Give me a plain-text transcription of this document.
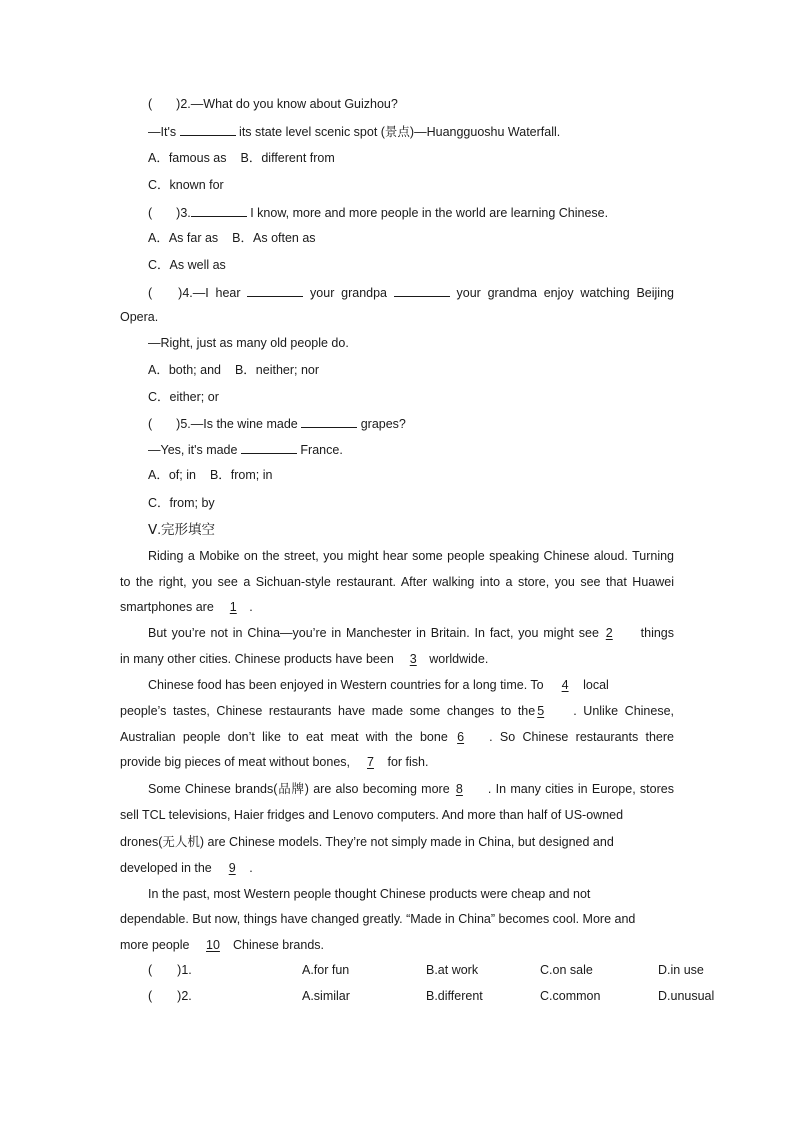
( )2.—What do you know about Guizhou?
—It's	its state level scenic spot (景点)—Huangguoshu Waterfall.
A．famous as B．different from
C．known for
( )3.	I know, more and more people in the world are learning Chinese.
A．As far as B．As often as
C．As well as
( )4.—I hear	your grandpa	your grandma enjoy watching Beijing
Opera.
—Right, just as many old people do.
A．both; and B．neither; nor
C．either; or
( )5.—Is the wine made	grapes?
—Yes, it's made	France.
A．of; in B．from; in
C．from; by
Ⅴ.完形填空
Riding a Mobike on the street, you might hear some people speaking Chinese aloud. Turning
to the right, you see a Sichuan-style restaurant. After walking into a store, you see that Huawei
smartphones are 1 .
But you’re not in China—you’re in Manchester in Britain. In fact, you might see 2 things
in many other cities. Chinese products have been 3 worldwide.
Chinese food has been enjoyed in Western countries for a long time. To 4 local
people’s tastes, Chinese restaurants have made some changes to the 5 . Unlike Chinese,
Australian people don’t like to eat meat with the bone 6 . So Chinese restaurants there
provide big pieces of meat without bones, 7 for fish.
Some Chinese brands(品牌) are also becoming more 8 . In many cities in Europe, stores
sell TCL televisions, Haier fridges and Lenovo computers. And more than half of US-owned
drones(无人机) are Chinese models. They’re not simply made in China, but designed and
developed in the 9 .
In the past, most Western people thought Chinese products were cheap and not
dependable. But now, things have changed greatly. “Made in China” becomes cool. More and
more people 10 Chinese brands.
(　　)1.	A.for fun	B.at work	C.on sale	D.in use
(　　)2.	A.similar	B.different	C.common	D.unusual
